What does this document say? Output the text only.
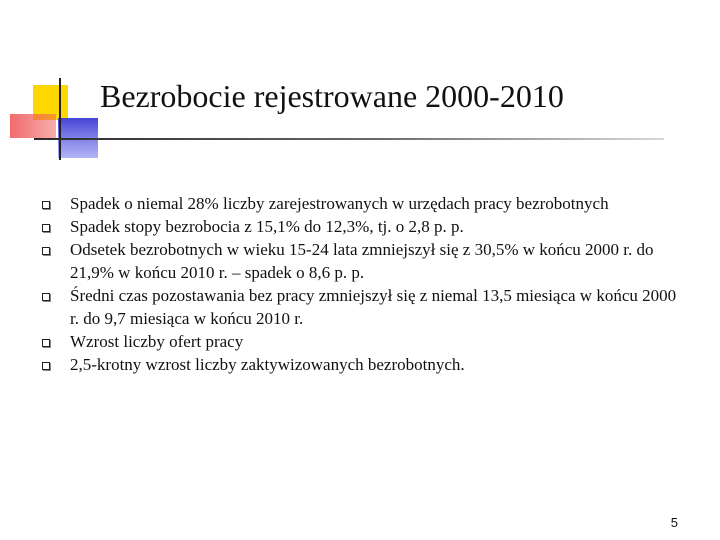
Bezrobocie rejestrowane 2000-2010
Spadek o niemal 28% liczby zarejestrowanych w urzędach pracy bezrobotnych
Spadek stopy bezrobocia z 15,1% do 12,3%, tj. o 2,8 p. p.
Odsetek bezrobotnych w wieku 15-24 lata zmniejszył się z 30,5% w końcu 2000 r. do 21,9% w końcu 2010 r. – spadek o 8,6 p. p.
Średni czas pozostawania bez pracy zmniejszył się z niemal 13,5 miesiąca w końcu 2000 r. do 9,7 miesiąca w końcu 2010 r.
Wzrost liczby ofert pracy
2,5-krotny wzrost liczby zaktywizowanych bezrobotnych.
5
